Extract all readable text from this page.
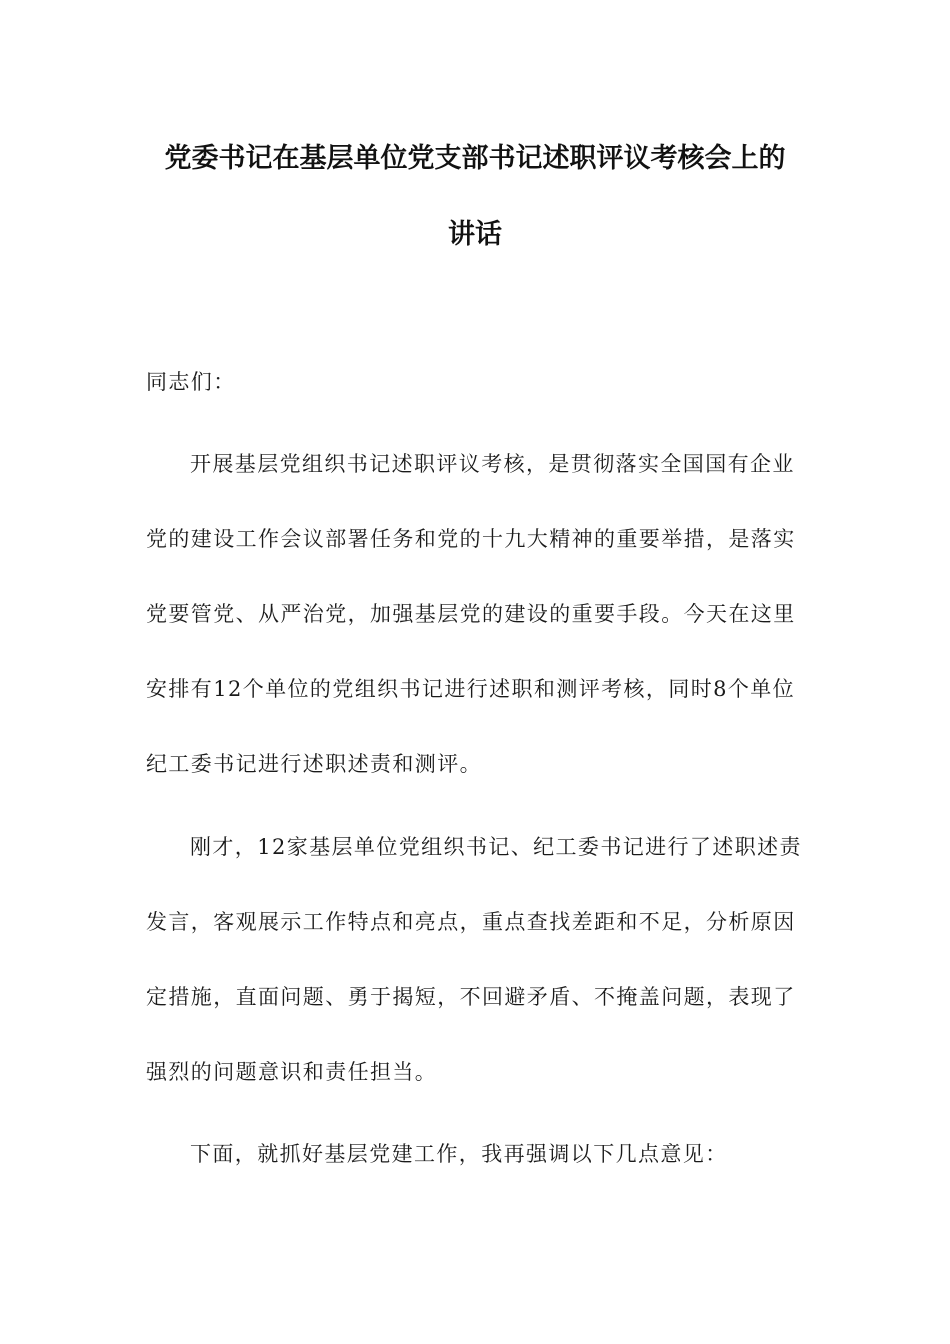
党委书记在基层单位党支部书记述职评议考核会上的
讲话
同志们：
开展基层党组织书记述职评议考核，是贯彻落实全国国有企业
党的建设工作会议部署任务和党的十九大精神的重要举措，是落实
党要管党、从严治党，加强基层党的建设的重要手段。今天在这里
安排有12个单位的党组织书记进行述职和测评考核，同时8个单位
纪工委书记进行述职述责和测评。
刚才，12家基层单位党组织书记、纪工委书记进行了述职述责
发言，客观展示工作特点和亮点，重点查找差距和不足，分析原因
定措施，直面问题、勇于揭短，不回避矛盾、不掩盖问题，表现了
强烈的问题意识和责任担当。
下面，就抓好基层党建工作，我再强调以下几点意见：
